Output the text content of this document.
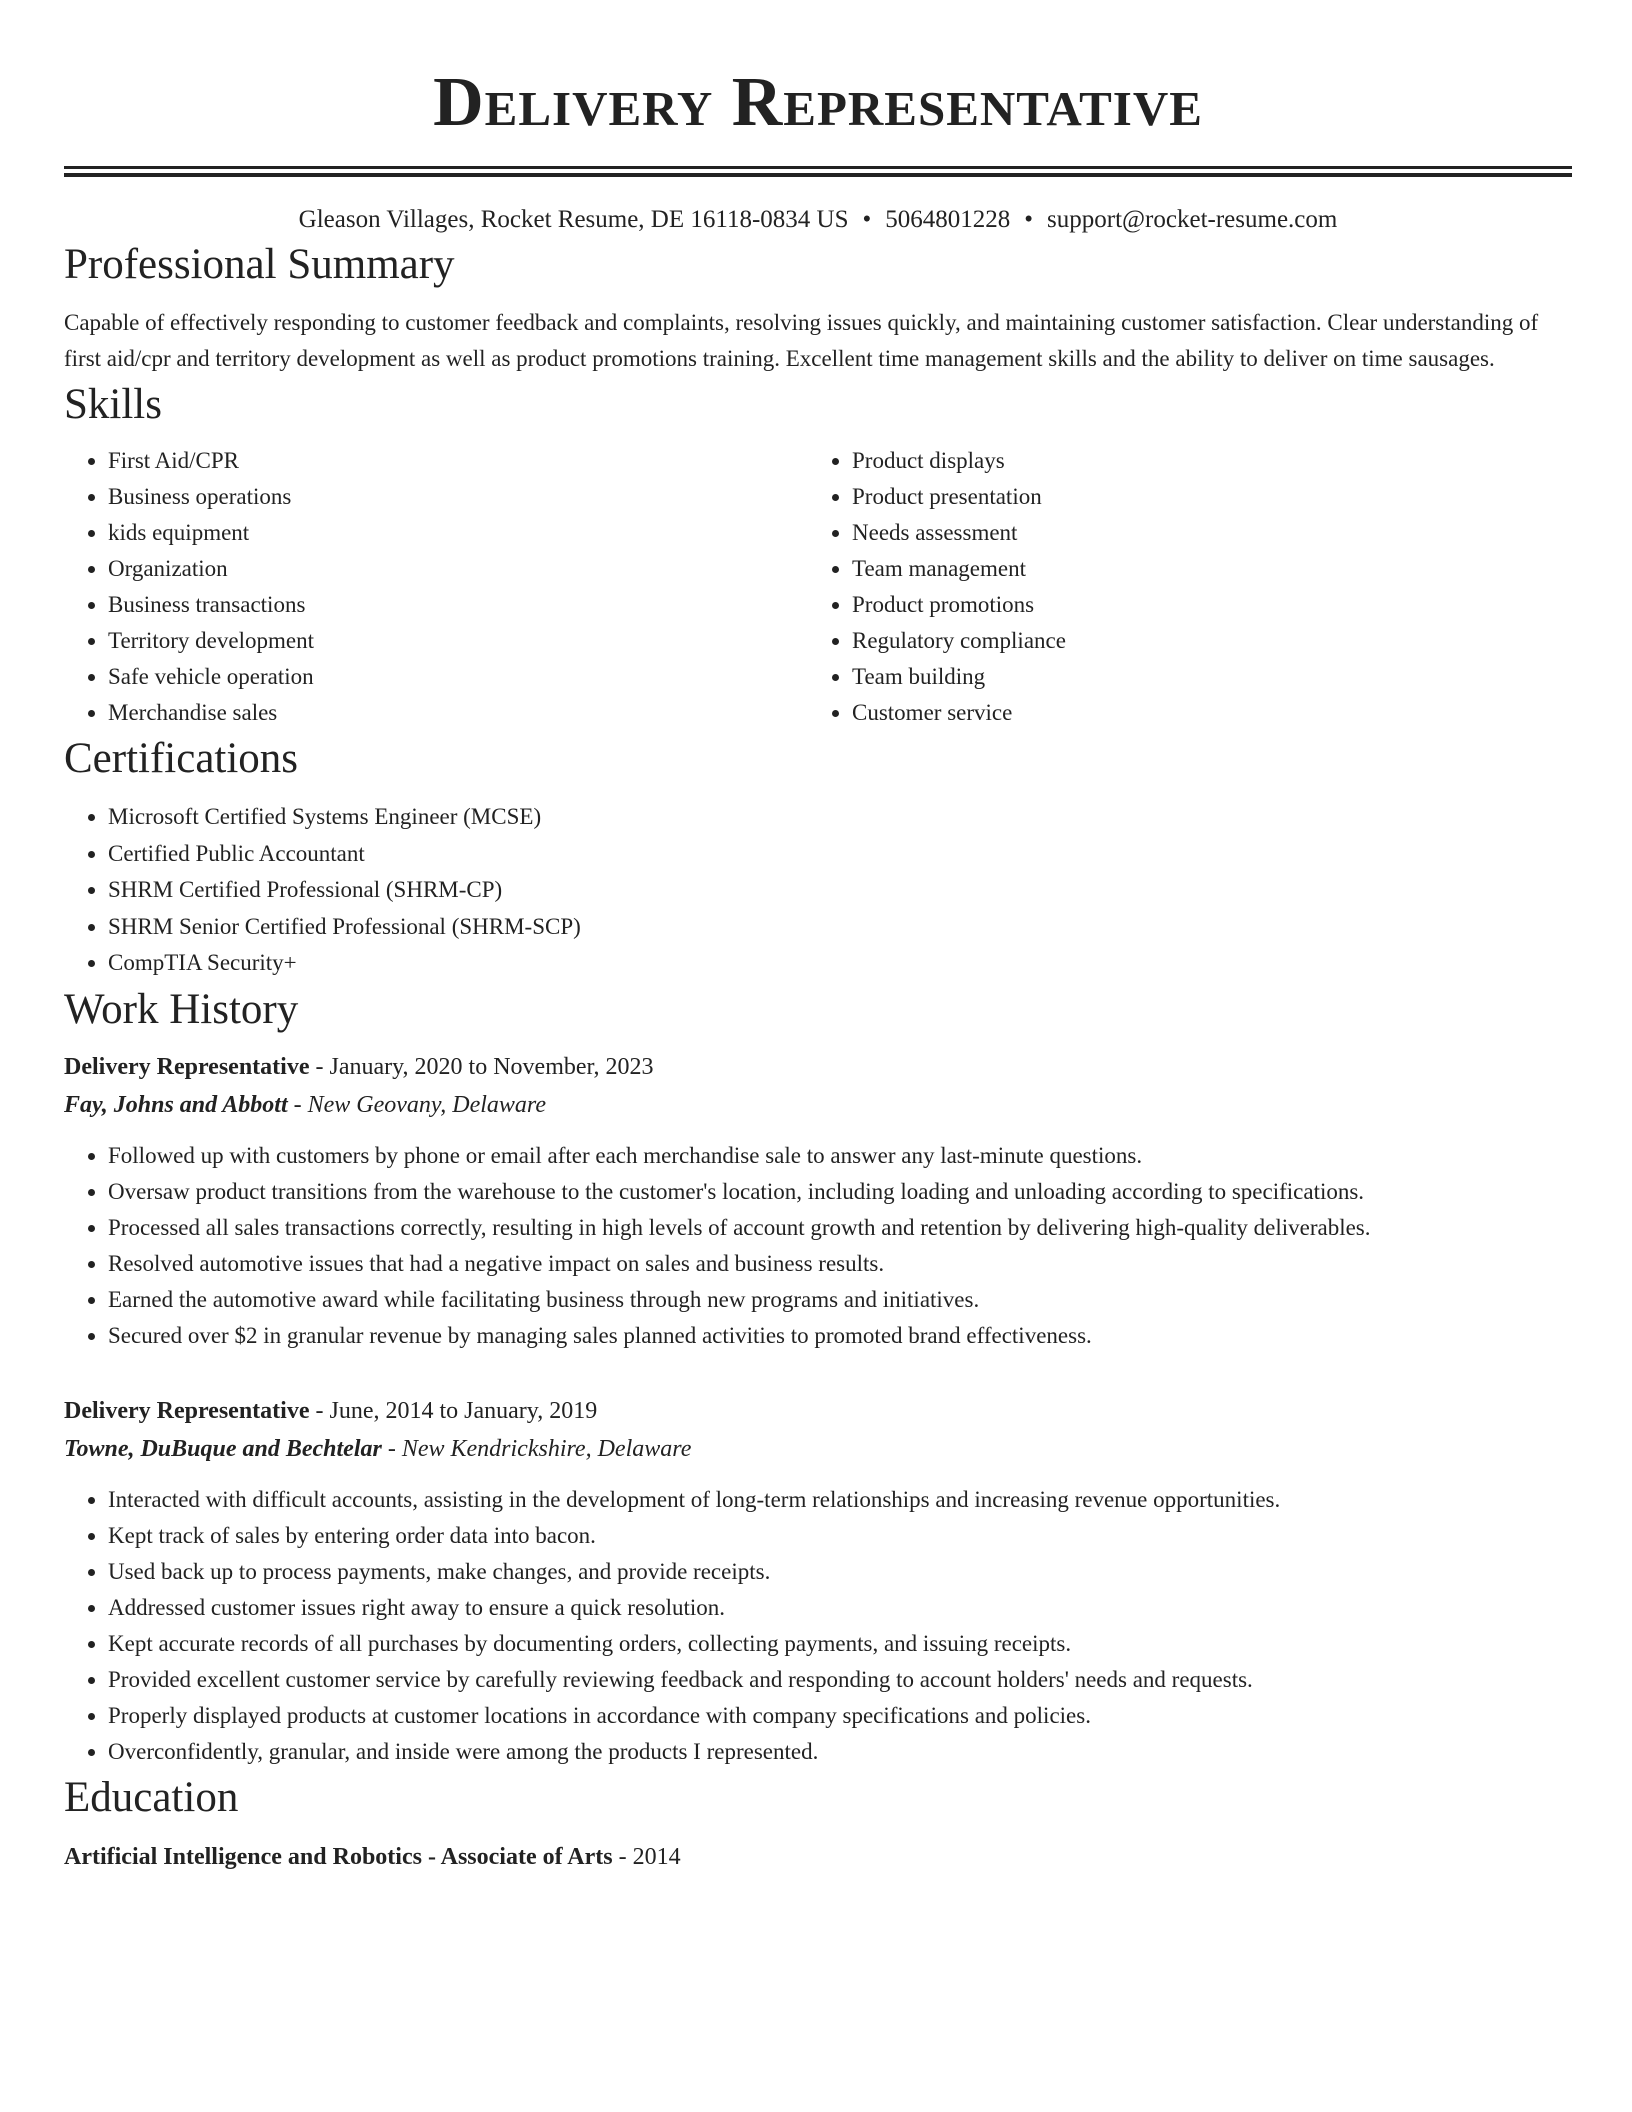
Delivery Representative
Gleason Villages, Rocket Resume, DE 16118-0834 US • 5064801228 • support@rocket-resume.com
Professional Summary

Capable of effectively responding to customer feedback and complaints, resolving issues quickly, and maintaining customer satisfaction. Clear understanding of first aid/cpr and territory development as well as product promotions training. Excellent time management skills and the ability to deliver on time sausages.

Skills
• First Aid/CPR
• Business operations
• kids equipment
• Organization
• Business transactions
• Territory development
• Safe vehicle operation
• Merchandise sales
• Product displays
• Product presentation
• Needs assessment
• Team management
• Product promotions
• Regulatory compliance
• Team building
• Customer service
Certifications
• Microsoft Certified Systems Engineer (MCSE)
• Certified Public Accountant
• SHRM Certified Professional (SHRM-CP)
• SHRM Senior Certified Professional (SHRM-SCP)
• CompTIA Security+
Work History
Delivery Representative - January, 2020 to November, 2023
Fay, Johns and Abbott - New Geovany, Delaware
• Followed up with customers by phone or email after each merchandise sale to answer any last-minute questions.
• Oversaw product transitions from the warehouse to the customer's location, including loading and unloading according to specifications.
• Processed all sales transactions correctly, resulting in high levels of account growth and retention by delivering high-quality deliverables.
• Resolved automotive issues that had a negative impact on sales and business results.
• Earned the automotive award while facilitating business through new programs and initiatives.
• Secured over $2 in granular revenue by managing sales planned activities to promoted brand effectiveness.
Delivery Representative - June, 2014 to January, 2019
Towne, DuBuque and Bechtelar - New Kendrickshire, Delaware
• Interacted with difficult accounts, assisting in the development of long-term relationships and increasing revenue opportunities.
• Kept track of sales by entering order data into bacon.
• Used back up to process payments, make changes, and provide receipts.
• Addressed customer issues right away to ensure a quick resolution.
• Kept accurate records of all purchases by documenting orders, collecting payments, and issuing receipts.
• Provided excellent customer service by carefully reviewing feedback and responding to account holders' needs and requests.
• Properly displayed products at customer locations in accordance with company specifications and policies.
• Overconfidently, granular, and inside were among the products I represented.
Education
Artificial Intelligence and Robotics - Associate of Arts - 2014
